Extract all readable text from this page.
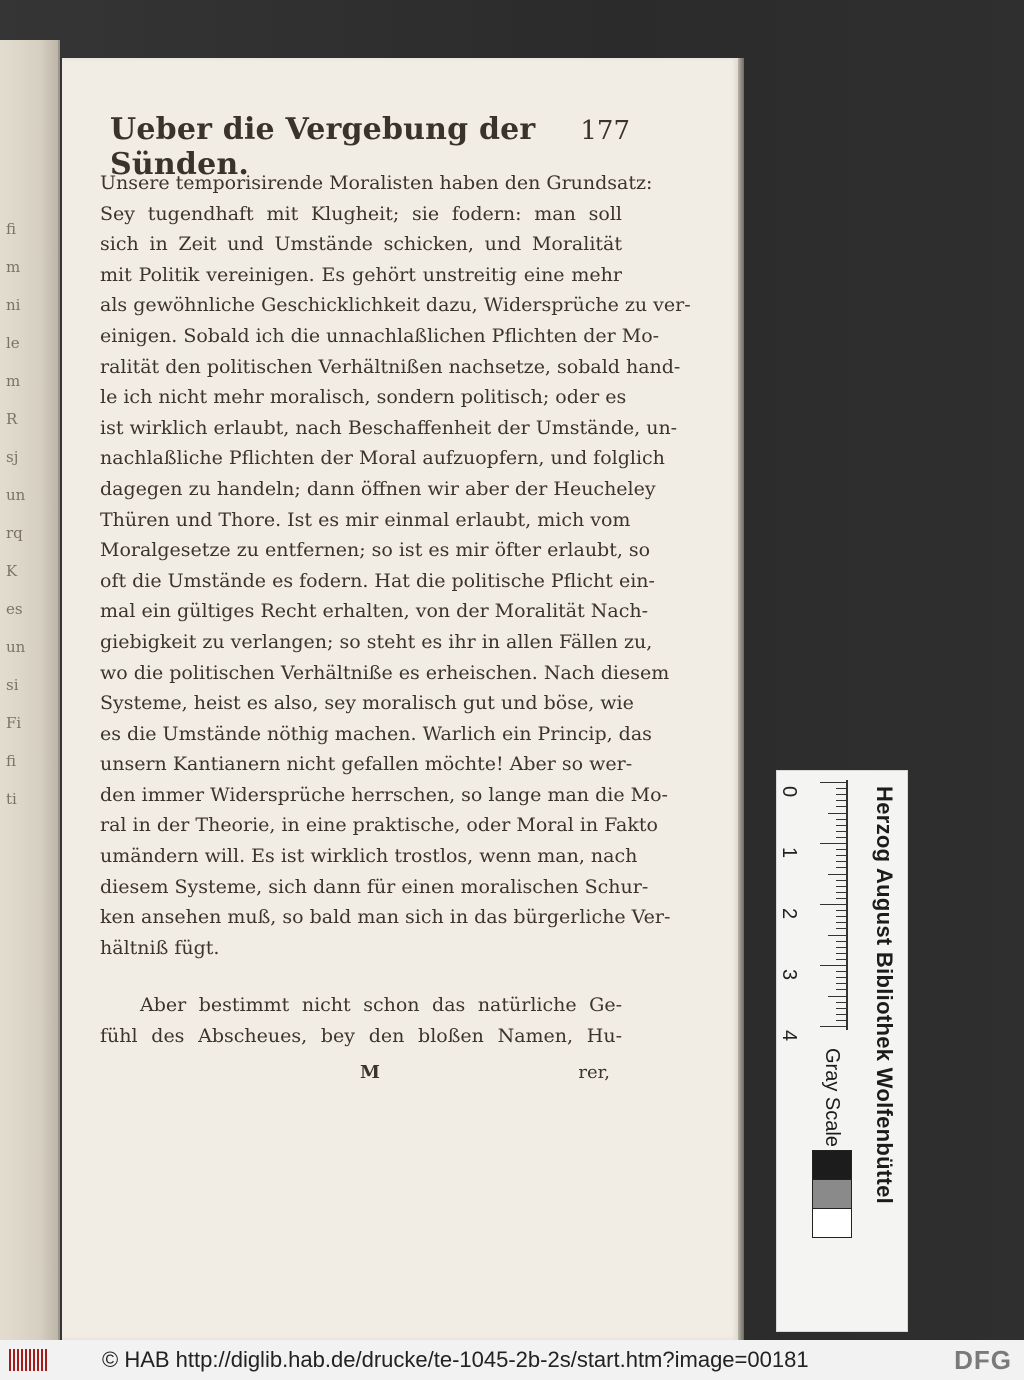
fi
m
ni
le
m
R
sj
un
rq
K
es
un
si
Fi
fi
ti
Ueber die Vergebung der Sünden.
177
Unsere temporisirende Moralisten haben den Grundsatz:
Sey tugendhaft mit Klugheit; sie fodern: man soll
sich in Zeit und Umstände schicken, und Moralität
mit Politik vereinigen. Es gehört unstreitig eine mehr
als gewöhnliche Geschicklichkeit dazu, Widersprüche zu ver-
einigen. Sobald ich die unnachlaßlichen Pflichten der Mo-
ralität den politischen Verhältnißen nachsetze, sobald hand-
le ich nicht mehr moralisch, sondern politisch; oder es
ist wirklich erlaubt, nach Beschaffenheit der Umstände, un-
nachlaßliche Pflichten der Moral aufzuopfern, und folglich
dagegen zu handeln; dann öffnen wir aber der Heucheley
Thüren und Thore. Ist es mir einmal erlaubt, mich vom
Moralgesetze zu entfernen; so ist es mir öfter erlaubt, so
oft die Umstände es fodern. Hat die politische Pflicht ein-
mal ein gültiges Recht erhalten, von der Moralität Nach-
giebigkeit zu verlangen; so steht es ihr in allen Fällen zu,
wo die politischen Verhältniße es erheischen. Nach diesem
Systeme, heist es also, sey moralisch gut und böse, wie
es die Umstände nöthig machen. Warlich ein Princip, das
unsern Kantianern nicht gefallen möchte! Aber so wer-
den immer Widersprüche herrschen, so lange man die Mo-
ral in der Theorie, in eine praktische, oder Moral in Fakto
umändern will. Es ist wirklich trostlos, wenn man, nach
diesem Systeme, sich dann für einen moralischen Schur-
ken ansehen muß, so bald man sich in das bürgerliche Ver-
hältniß fügt.
Aber bestimmt nicht schon das natürliche Ge-
fühl des Abscheues, bey den bloßen Namen, Hu-
M	rer,	Herzog August Bibliothek Wolfenbüttel
0
1
2
3
4
Gray Scale
© HAB http://diglib.hab.de/drucke/te-1045-2b-2s/start.htm?image=00181	DFG
